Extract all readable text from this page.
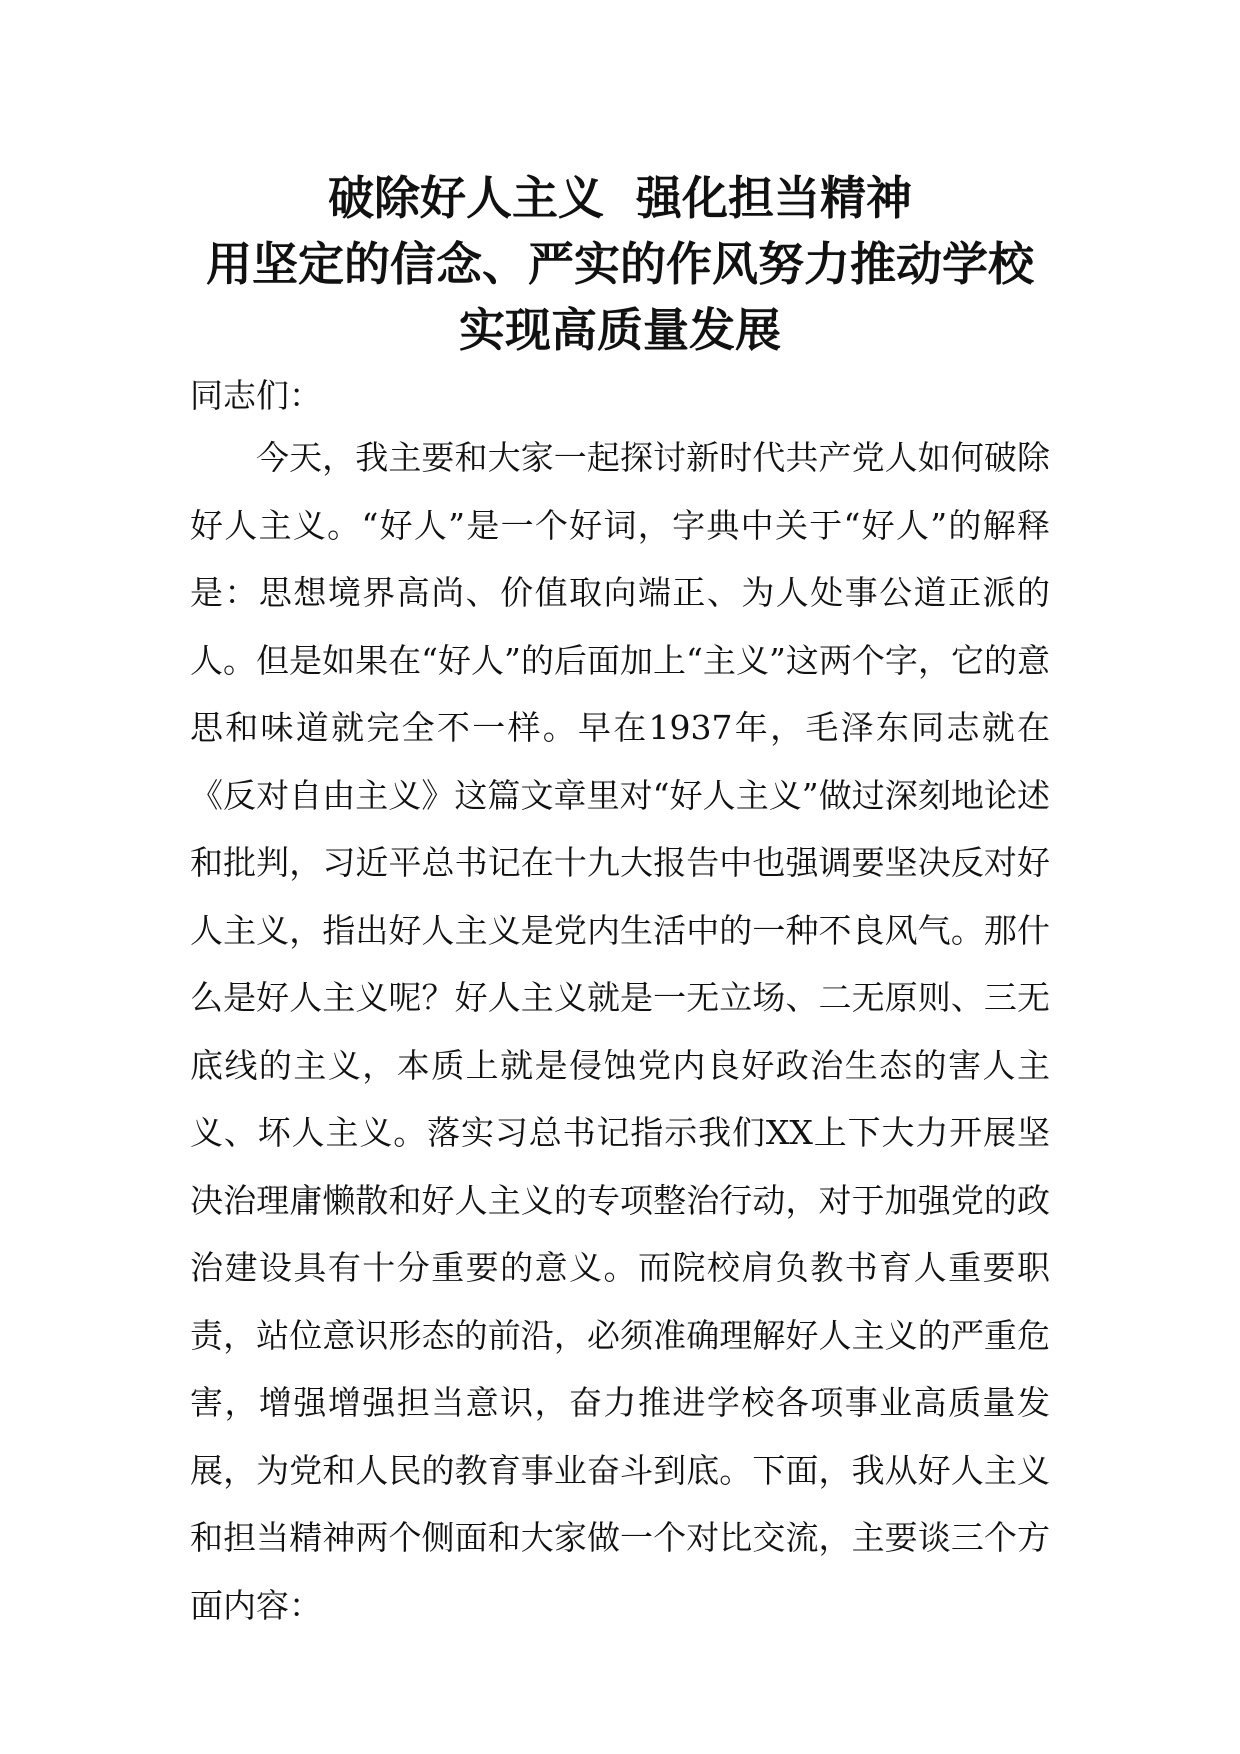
破除好人主义  强化担当精神
用坚定的信念、严实的作风努力推动学校
实现高质量发展

同志们：

今天，我主要和大家一起探讨新时代共产党人如何破除好人主义。“好人”是一个好词，字典中关于“好人”的解释是：思想境界高尚、价值取向端正、为人处事公道正派的人。但是如果在“好人”的后面加上“主义”这两个字，它的意思和味道就完全不一样。早在1937年，毛泽东同志就在《反对自由主义》这篇文章里对“好人主义”做过深刻地论述和批判，习近平总书记在十九大报告中也强调要坚决反对好人主义，指出好人主义是党内生活中的一种不良风气。那什么是好人主义呢？好人主义就是一无立场、二无原则、三无底线的主义，本质上就是侵蚀党内良好政治生态的害人主义、坏人主义。落实习总书记指示我们XX上下大力开展坚决治理庸懒散和好人主义的专项整治行动，对于加强党的政治建设具有十分重要的意义。而院校肩负教书育人重要职责，站位意识形态的前沿，必须准确理解好人主义的严重危害，增强增强担当意识，奋力推进学校各项事业高质量发展，为党和人民的教育事业奋斗到底。下面，我从好人主义和担当精神两个侧面和大家做一个对比交流，主要谈三个方面内容：
